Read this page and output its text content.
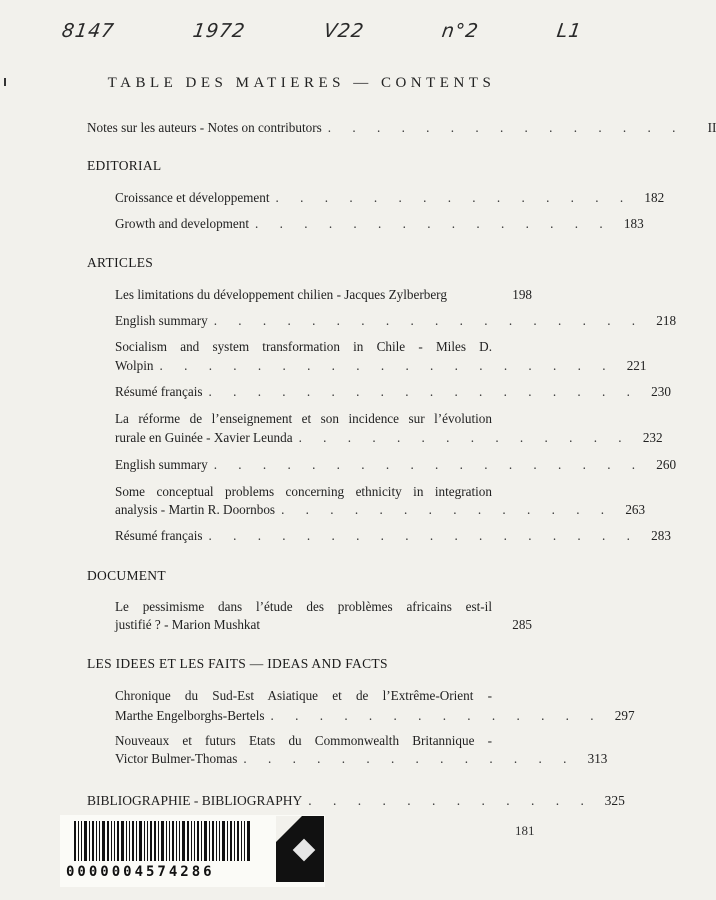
8147	1972	V22	n°2	L1
TABLE DES MATIERES — CONTENTS
Notes sur les auteurs - Notes on contributors . . . . . . . . . . . . . . .	II
EDITORIAL
Croissance et développement . . . . . . . . . . . . . . . 182
Growth and development . . . . . . . . . . . . . . . 183
ARTICLES
Les limitations du développement chilien - Jacques Zylberberg	198
English summary . . . . . . . . . . . . . . . . . . 218
Socialism and system transformation in Chile - Miles D.
Wolpin . . . . . . . . . . . . . . . . . . . 221
Résumé français . . . . . . . . . . . . . . . . . . 230
La réforme de l’enseignement et son incidence sur l’évolution
rurale en Guinée - Xavier Leunda . . . . . . . . . . . . . . 232
English summary . . . . . . . . . . . . . . . . . . 260
Some conceptual problems concerning ethnicity in integration
analysis - Martin R. Doornbos . . . . . . . . . . . . . . 263
Résumé français . . . . . . . . . . . . . . . . . . 283
DOCUMENT
Le pessimisme dans l’étude des problèmes africains est-il
justifié ? - Marion Mushkat	285
LES IDEES ET LES FAITS — IDEAS AND FACTS
Chronique du Sud-Est Asiatique et de l’Extrême-Orient -
Marthe Engelborghs-Bertels . . . . . . . . . . . . . . 297
Nouveaux et futurs Etats du Commonwealth Britannique -
Victor Bulmer-Thomas . . . . . . . . . . . . . . 313
BIBLIOGRAPHIE - BIBLIOGRAPHY . . . . . . . . . . . . 325
181
0000004574286
